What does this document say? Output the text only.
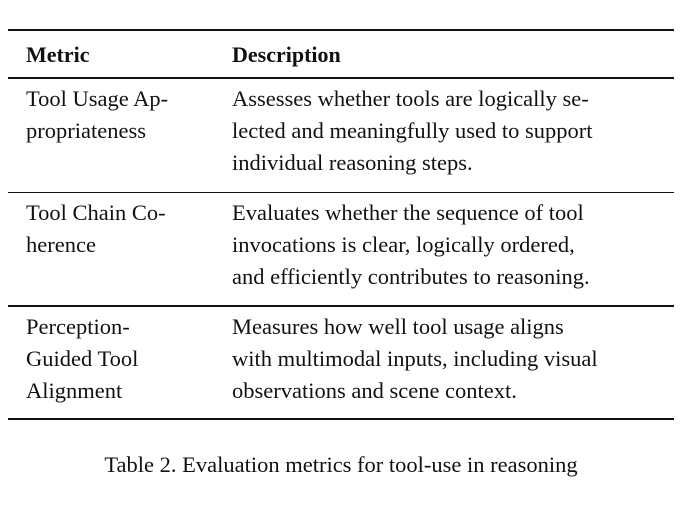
Metric	Description
Tool Usage Ap-
propriateness
Assesses whether tools are logically se-
lected and meaningfully used to support
individual reasoning steps.
Tool Chain Co-
herence
Evaluates whether the sequence of tool
invocations is clear, logically ordered,
and efficiently contributes to reasoning.
Perception-
Guided Tool
Alignment
Measures how well tool usage aligns
with multimodal inputs, including visual
observations and scene context.
Table 2. Evaluation metrics for tool-use in reasoning
